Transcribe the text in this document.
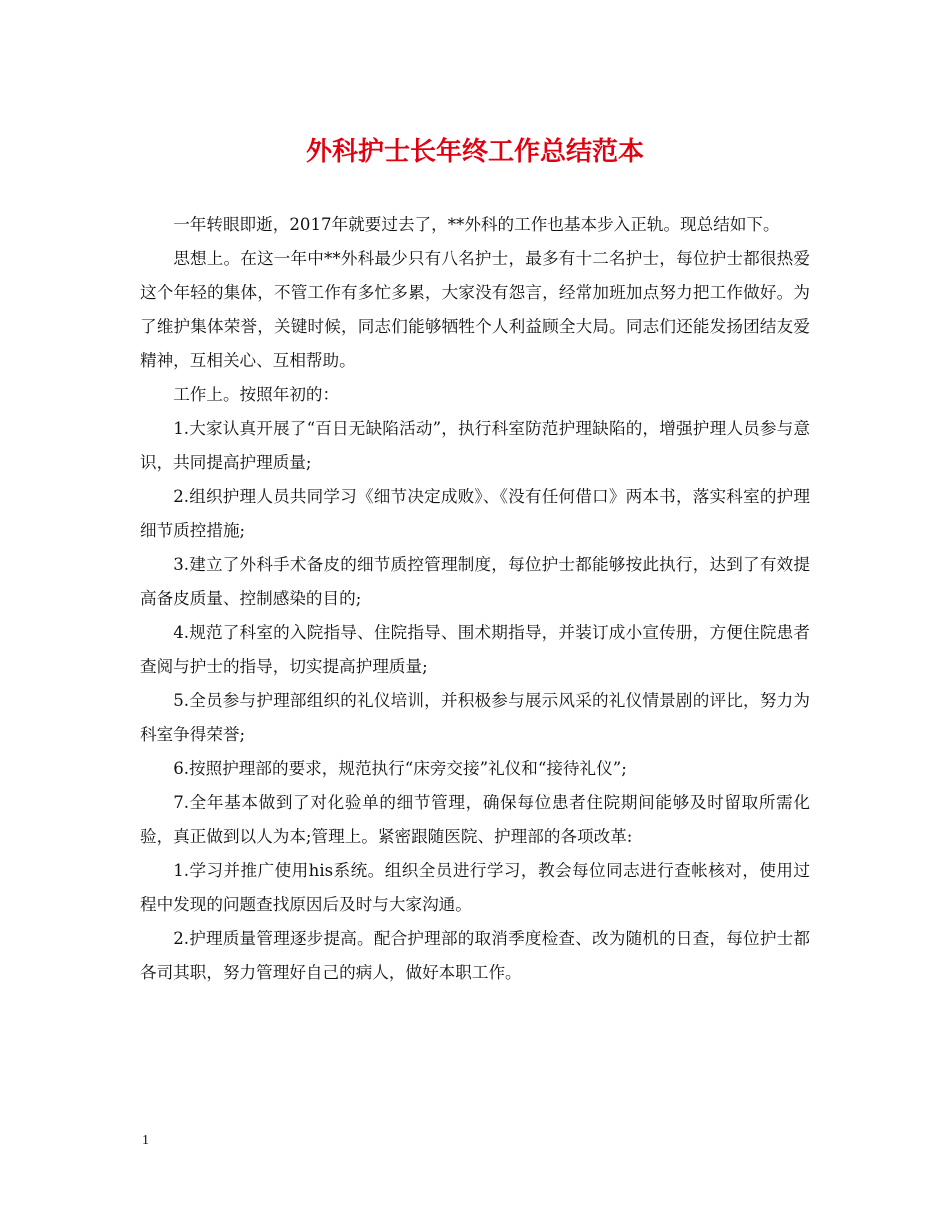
外科护士长年终工作总结范本

一年转眼即逝，2017年就要过去了，**外科的工作也基本步入正轨。现总结如下。

思想上。在这一年中**外科最少只有八名护士，最多有十二名护士，每位护士都很热爱这个年轻的集体，不管工作有多忙多累，大家没有怨言，经常加班加点努力把工作做好。为了维护集体荣誉，关键时候，同志们能够牺牲个人利益顾全大局。同志们还能发扬团结友爱精神，互相关心、互相帮助。

工作上。按照年初的：

1.大家认真开展了“百日无缺陷活动”，执行科室防范护理缺陷的，增强护理人员参与意识，共同提高护理质量;

2.组织护理人员共同学习《细节决定成败》、《没有任何借口》两本书，落实科室的护理细节质控措施;

3.建立了外科手术备皮的细节质控管理制度，每位护士都能够按此执行，达到了有效提高备皮质量、控制感染的目的;

4.规范了科室的入院指导、住院指导、围术期指导，并装订成小宣传册，方便住院患者查阅与护士的指导，切实提高护理质量;

5.全员参与护理部组织的礼仪培训，并积极参与展示风采的礼仪情景剧的评比，努力为科室争得荣誉;

6.按照护理部的要求，规范执行“床旁交接”礼仪和“接待礼仪”;

7.全年基本做到了对化验单的细节管理，确保每位患者住院期间能够及时留取所需化验，真正做到以人为本;管理上。紧密跟随医院、护理部的各项改革:

1.学习并推广使用his系统。组织全员进行学习，教会每位同志进行查帐核对，使用过程中发现的问题查找原因后及时与大家沟通。

2.护理质量管理逐步提高。配合护理部的取消季度检查、改为随机的日查，每位护士都各司其职，努力管理好自己的病人，做好本职工作。

1
